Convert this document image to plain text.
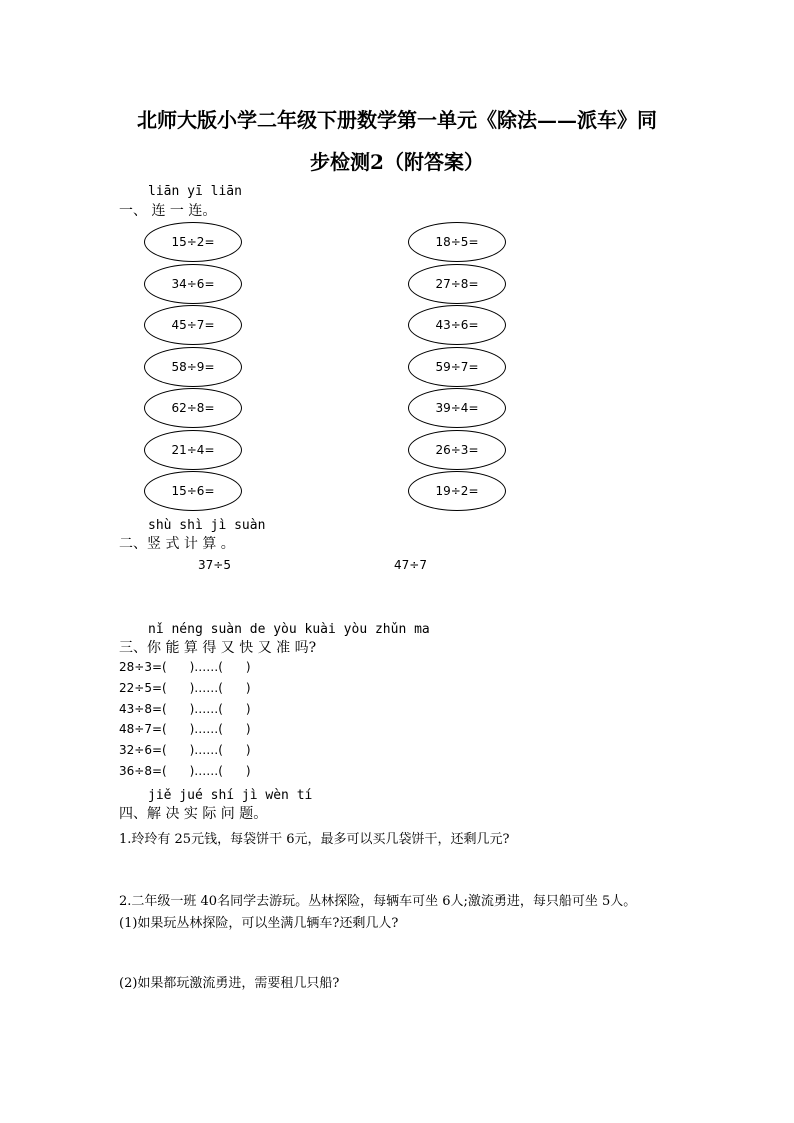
北师大版小学二年级下册数学第一单元《除法——派车》同
步检测2（附答案）
liān yī liān
一、 连 一 连。
15÷2=
34÷6=
45÷7=
58÷9=
62÷8=
21÷4=
15÷6=
18÷5=
27÷8=
43÷6=
59÷7=
39÷4=
26÷3=
19÷2=
shù shì jì suàn
二、竖 式 计 算 。
37÷5	47÷7
nǐ néng suàn de yòu kuài yòu zhǔn ma
三、你 能 算 得 又 快 又 准 吗?
28÷3=(      )……(      )
22÷5=(      )……(      )
43÷8=(      )……(      )
48÷7=(      )……(      )
32÷6=(      )……(      )
36÷8=(      )……(      )
jiě jué shí jì wèn tí
四、解 决 实 际 问 题。
1.玲玲有 25元钱，每袋饼干 6元，最多可以买几袋饼干，还剩几元?
2.二年级一班 40名同学去游玩。丛林探险，每辆车可坐 6人;激流勇进，每只船可坐 5人。
(1)如果玩丛林探险，可以坐满几辆车?还剩几人?
(2)如果都玩激流勇进，需要租几只船?
